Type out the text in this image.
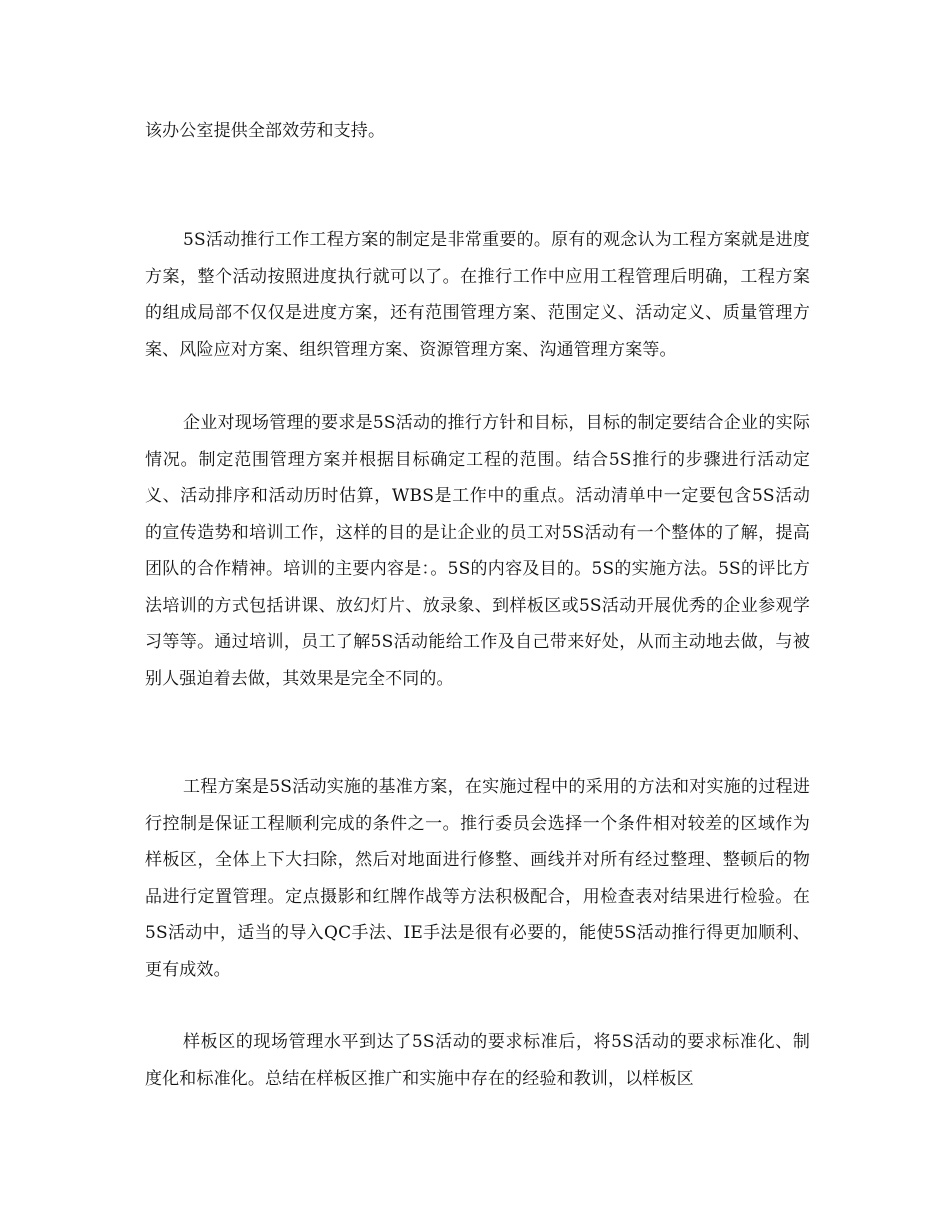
该办公室提供全部效劳和支持。

5S活动推行工作工程方案的制定是非常重要的。原有的观念认为工程方案就是进度方案，整个活动按照进度执行就可以了。在推行工作中应用工程管理后明确，工程方案的组成局部不仅仅是进度方案，还有范围管理方案、范围定义、活动定义、质量管理方案、风险应对方案、组织管理方案、资源管理方案、沟通管理方案等。

企业对现场管理的要求是5S活动的推行方针和目标，目标的制定要结合企业的实际情况。制定范围管理方案并根据目标确定工程的范围。结合5S推行的步骤进行活动定义、活动排序和活动历时估算，WBS是工作中的重点。活动清单中一定要包含5S活动的宣传造势和培训工作，这样的目的是让企业的员工对5S活动有一个整体的了解，提高团队的合作精神。培训的主要内容是：。5S的内容及目的。5S的实施方法。5S的评比方法培训的方式包括讲课、放幻灯片、放录象、到样板区或5S活动开展优秀的企业参观学习等等。通过培训，员工了解5S活动能给工作及自己带来好处，从而主动地去做，与被别人强迫着去做，其效果是完全不同的。

工程方案是5S活动实施的基准方案，在实施过程中的采用的方法和对实施的过程进行控制是保证工程顺利完成的条件之一。推行委员会选择一个条件相对较差的区域作为样板区，全体上下大扫除，然后对地面进行修整、画线并对所有经过整理、整顿后的物品进行定置管理。定点摄影和红牌作战等方法积极配合，用检查表对结果进行检验。在5S活动中，适当的导入QC手法、IE手法是很有必要的，能使5S活动推行得更加顺利、更有成效。

样板区的现场管理水平到达了5S活动的要求标准后，将5S活动的要求标准化、制度化和标准化。总结在样板区推广和实施中存在的经验和教训，以样板区
